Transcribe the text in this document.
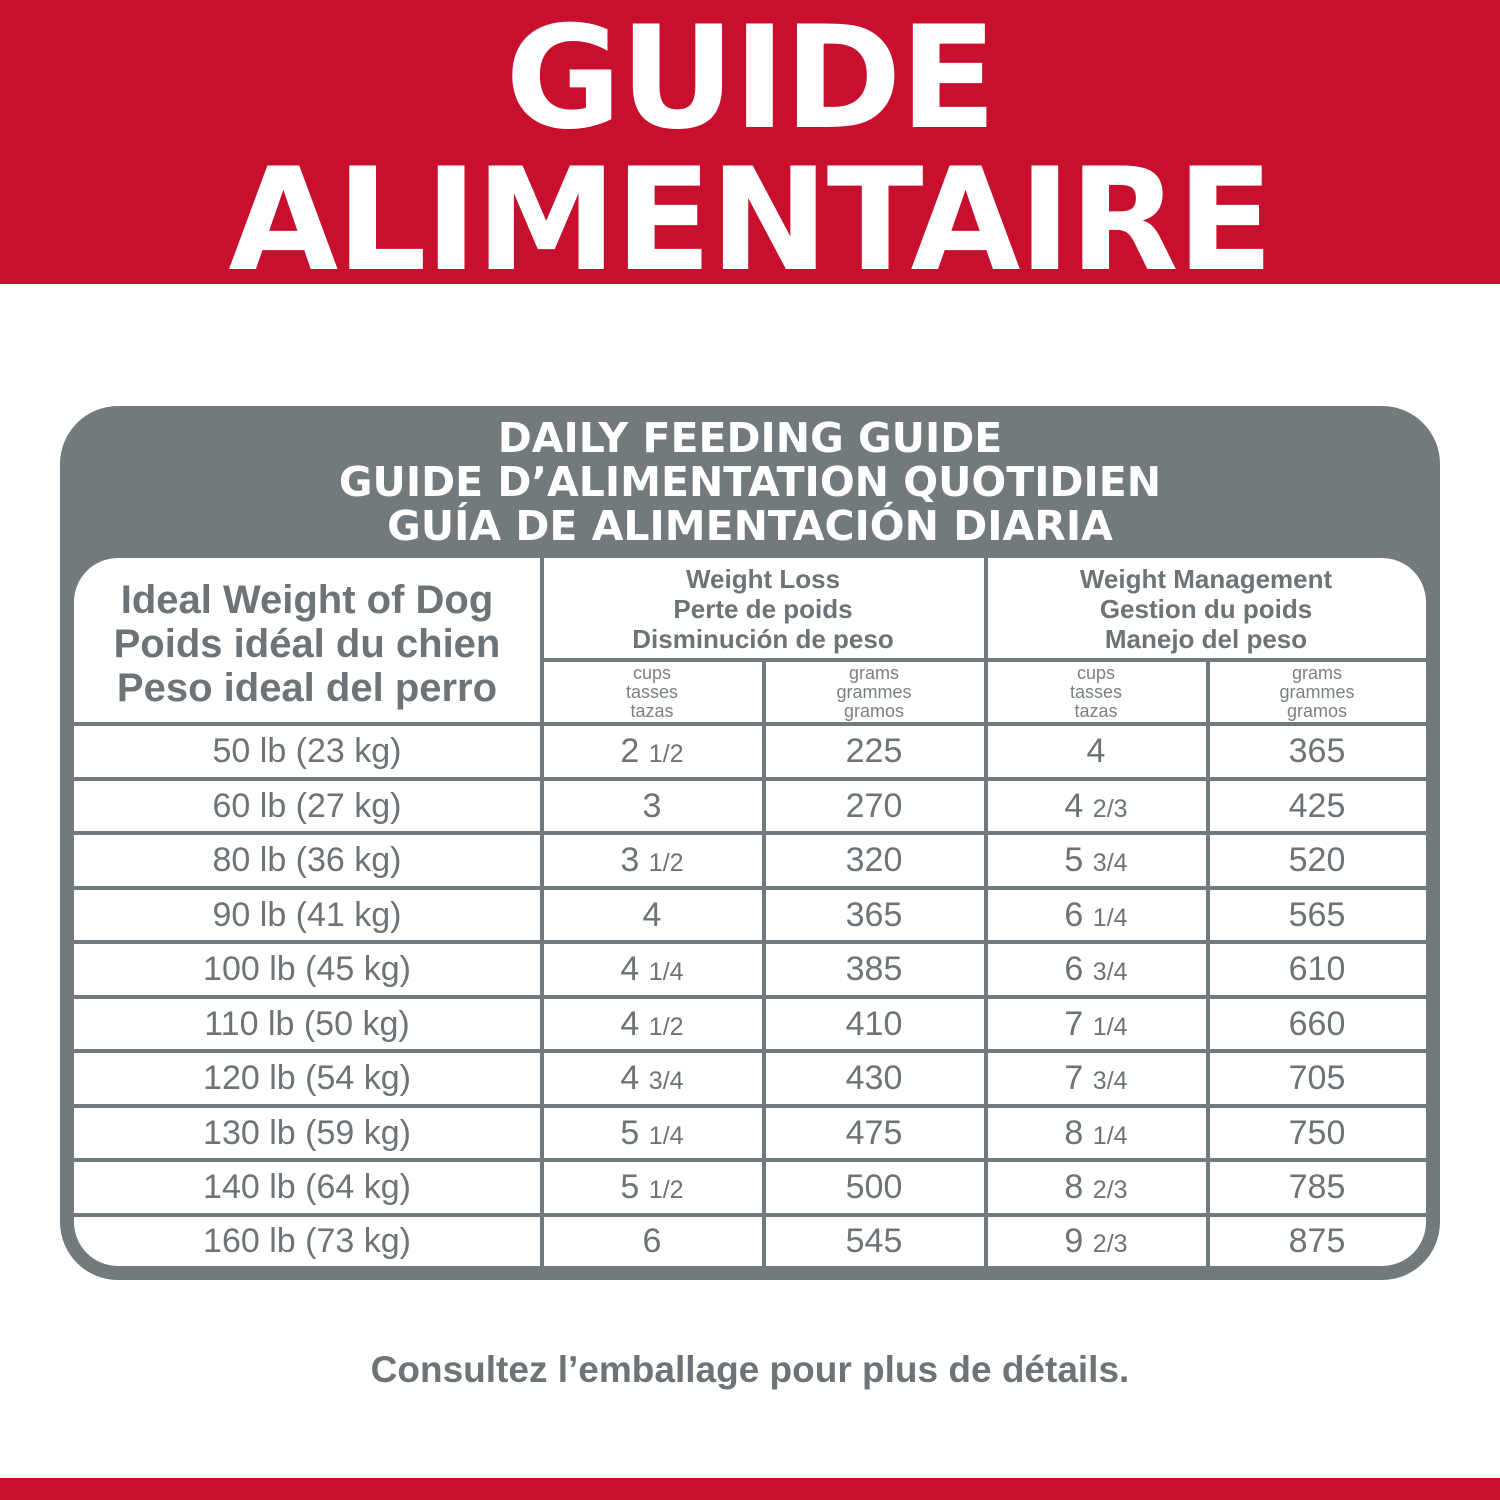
GUIDE
ALIMENTAIRE
DAILY FEEDING GUIDE
GUIDE D’ALIMENTATION QUOTIDIEN
GUÍA DE ALIMENTACIÓN DIARIA
Ideal Weight of Dog
Poids idéal du chien
Peso ideal del perro
Weight Loss
Perte de poids
Disminución de peso
Weight Management
Gestion du poids
Manejo del peso
cups
tasses
tazas
grams
grammes
gramos
cups
tasses
tazas
grams
grammes
gramos
50 lb (23 kg)	2 1/2	225	4	365
60 lb (27 kg)	3	270	4 2/3	425
80 lb (36 kg)	3 1/2	320	5 3/4	520
90 lb (41 kg)	4	365	6 1/4	565
100 lb (45 kg)	4 1/4	385	6 3/4	610
110 lb (50 kg)	4 1/2	410	7 1/4	660
120 lb (54 kg)	4 3/4	430	7 3/4	705
130 lb (59 kg)	5 1/4	475	8 1/4	750
140 lb (64 kg)	5 1/2	500	8 2/3	785
160 lb (73 kg)	6	545	9 2/3	875
Consultez l’emballage pour plus de détails.
